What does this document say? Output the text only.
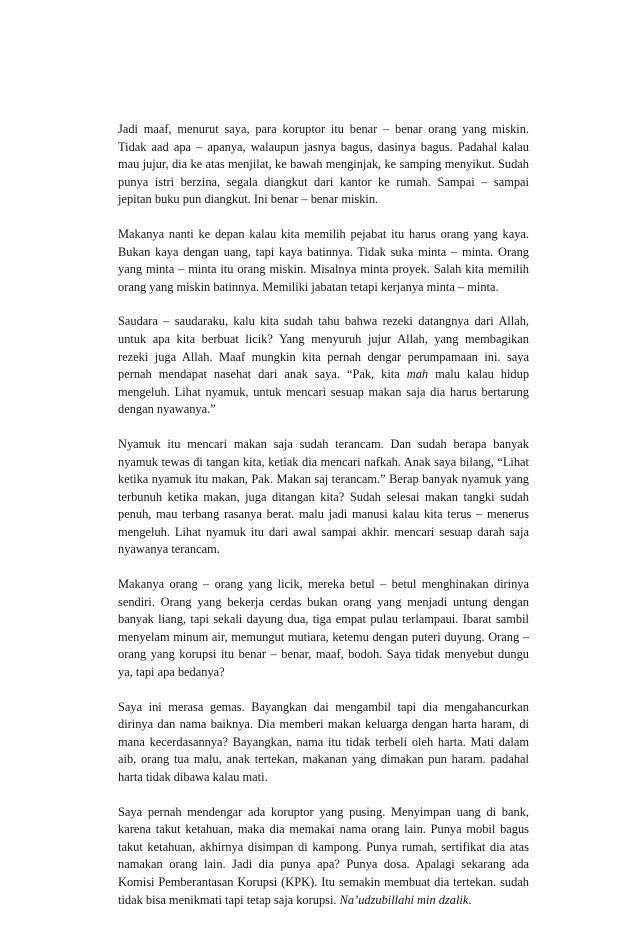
Jadi maaf, menurut saya, para koruptor itu benar – benar orang yang miskin.
Tidak aad apa – apanya, walaupun jasnya bagus, dasinya bagus. Padahal kalau
mau jujur, dia ke atas menjilat, ke bawah menginjak, ke samping menyikut. Sudah
punya istri berzina, segala diangkut dari kantor ke rumah. Sampai – sampai
jepitan buku pun diangkut. Ini benar – benar miskin.
Makanya nanti ke depan kalau kita memilih pejabat itu harus orang yang kaya.
Bukan kaya dengan uang, tapi kaya batinnya. Tidak suka minta – minta. Orang
yang minta – minta itu orang miskin. Misalnya minta proyek. Salah kita memilih
orang yang miskin batinnya. Memiliki jabatan tetapi kerjanya minta – minta.
Saudara – saudaraku, kalu kita sudah tahu bahwa rezeki datangnya dari Allah,
untuk apa kita berbuat licik? Yang menyuruh jujur Allah, yang membagikan
rezeki juga Allah. Maaf mungkin kita pernah dengar perumpamaan ini. saya
pernah mendapat nasehat dari anak saya. “Pak, kita mah malu kalau hidup
mengeluh. Lihat nyamuk, untuk mencari sesuap makan saja dia harus bertarung
dengan nyawanya.”
Nyamuk itu mencari makan saja sudah terancam. Dan sudah berapa banyak
nyamuk tewas di tangan kita, ketiak dia mencari nafkah. Anak saya bilang, “Lihat
ketika nyamuk itu makan, Pak. Makan saj terancam.” Berap banyak nyamuk yang
terbunuh ketika makan, juga ditangan kita? Sudah selesai makan tangki sudah
penuh, mau terbang rasanya berat. malu jadi manusi kalau kita terus – menerus
mengeluh. Lihat nyamuk itu dari awal sampai akhir. mencari sesuap darah saja
nyawanya terancam.
Makanya orang – orang yang licik, mereka betul – betul menghinakan dirinya
sendiri. Orang yang bekerja cerdas bukan orang yang menjadi untung dengan
banyak liang, tapi sekali dayung dua, tiga empat pulau terlampaui. Ibarat sambil
menyelam minum air, memungut mutiara, ketemu dengan puteri duyung. Orang –
orang yang korupsi itu benar – benar, maaf, bodoh. Saya tidak menyebut dungu
ya, tapi apa bedanya?
Saya ini merasa gemas. Bayangkan dai mengambil tapi dia mengahancurkan
dirinya dan nama baiknya. Dia memberi makan keluarga dengan harta haram, di
mana kecerdasannya? Bayangkan, nama itu tidak terbeli oleh harta. Mati dalam
aib, orang tua malu, anak tertekan, makanan yang dimakan pun haram. padahal
harta tidak dibawa kalau mati.
Saya pernah mendengar ada koruptor yang pusing. Menyimpan uang di bank,
karena takut ketahuan, maka dia memakai nama orang lain. Punya mobil bagus
takut ketahuan, akhirnya disimpan di kampong. Punya rumah, sertifikat dia atas
namakan orang lain. Jadi dia punya apa? Punya dosa. Apalagi sekarang ada
Komisi Pemberantasan Korupsi (KPK). Itu semakin membuat dia tertekan. sudah
tidak bisa menikmati tapi tetap saja korupsi. Na’udzubillahi min dzalik.
